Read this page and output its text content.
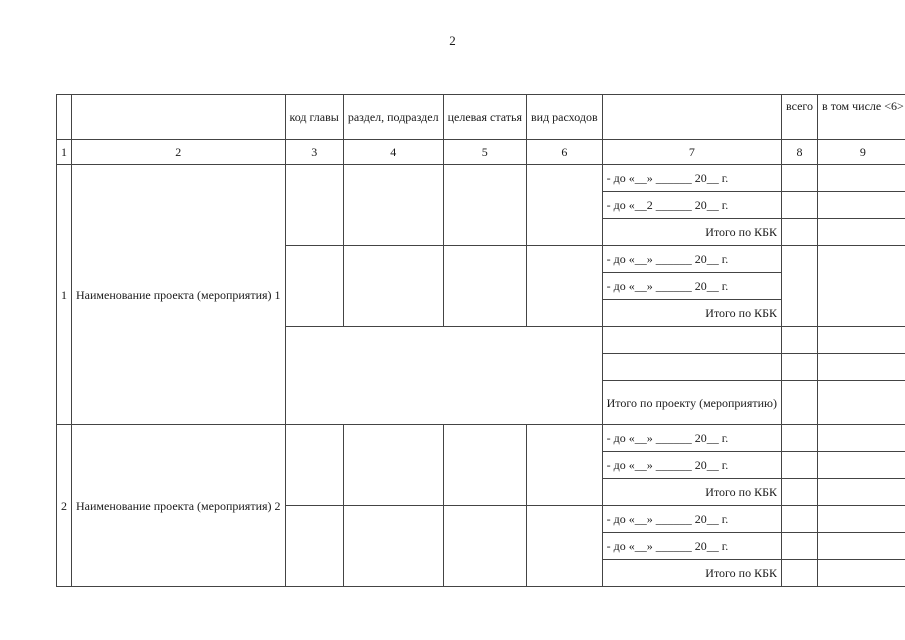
2
		код главы	раздел, подраздел	целевая статья	вид расходов		всего	в том числе <6>
1	2	3	4	5	6	7	8	9
1	Наименование проекта (мероприятия) 1					- до «__» ______ 20__ г.		
						- до «__2 ______ 20__ г.		
						Итого по КБК		
						- до «__» ______ 20__ г.		
						- до «__» ______ 20__ г.		
						Итого по КБК		

						Итого по проекту (мероприятию)		
2	Наименование проекта (мероприятия) 2					- до «__» ______ 20__ г.		
						- до «__» ______ 20__ г.		
						Итого по КБК		
						- до «__» ______ 20__ г.		
						- до «__» ______ 20__ г.		
						Итого по КБК		
